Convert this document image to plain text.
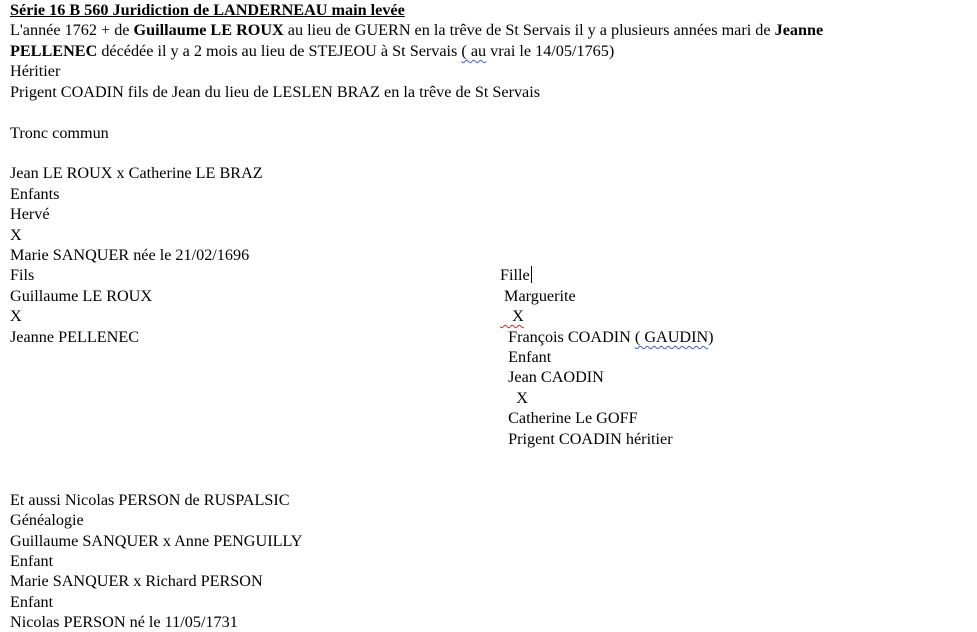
Série 16 B 560 Juridiction de LANDERNEAU main levée
L'année 1762 + de Guillaume LE ROUX au lieu de GUERN en la trêve de St Servais il y a plusieurs années mari de Jeanne
PELLENEC décédée il y a 2 mois au lieu de STEJEOU à St Servais ( au vrai le 14/05/1765)
Héritier
Prigent COADIN fils de Jean du lieu de LESLEN BRAZ en la trêve de St Servais
Tronc commun
Jean LE ROUX x Catherine LE BRAZ
Enfants
Hervé
X
Marie SANQUER née le 21/02/1696
Fils
Guillaume LE ROUX
X
Jeanne PELLENEC
Fille
Marguerite
X
François COADIN ( GAUDIN)
Enfant
Jean CAODIN
X
Catherine Le GOFF
Prigent COADIN héritier
Et aussi Nicolas PERSON de RUSPALSIC
Généalogie
Guillaume SANQUER x Anne PENGUILLY
Enfant
Marie SANQUER x Richard PERSON
Enfant
Nicolas PERSON né le 11/05/1731
